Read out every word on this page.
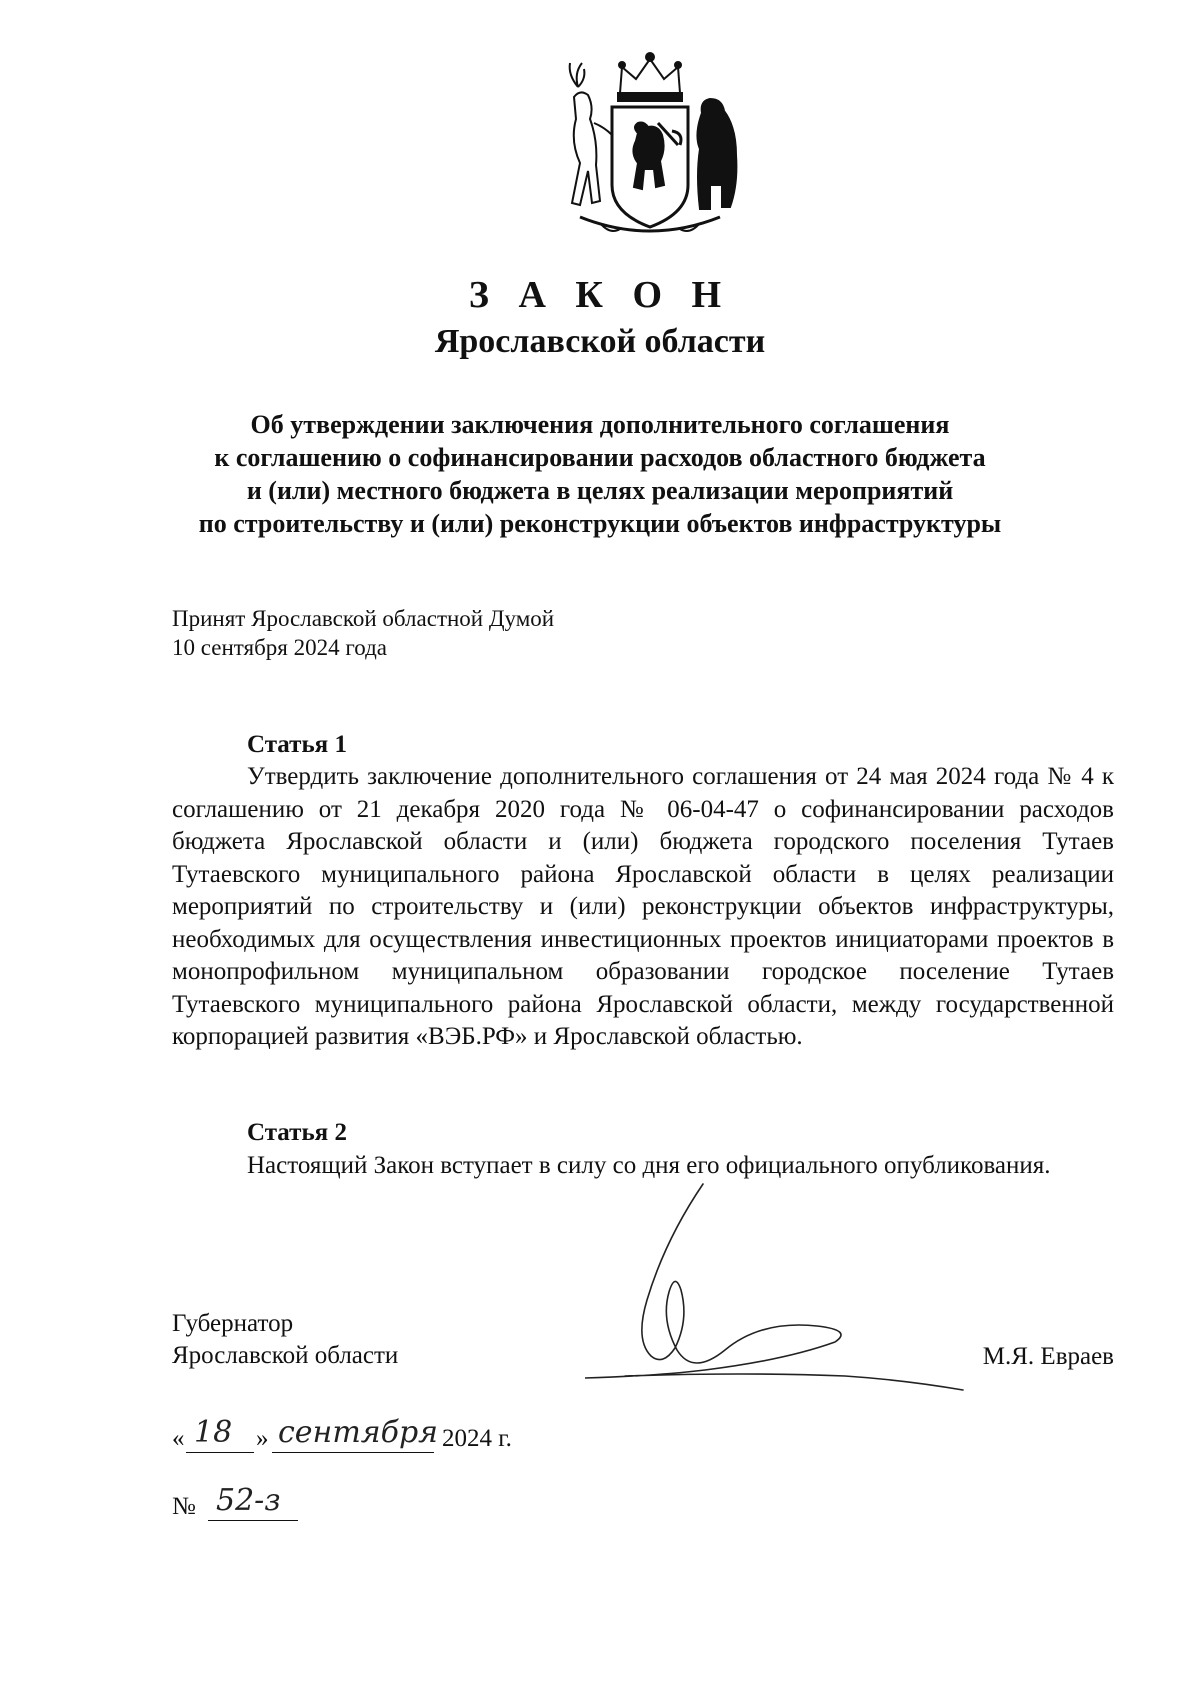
З А К О Н
Ярославской области
Об утверждении заключения дополнительного соглашения
к соглашению о софинансировании расходов областного бюджета
и (или) местного бюджета в целях реализации мероприятий
по строительству и (или) реконструкции объектов инфраструктуры
Принят Ярославской областной Думой
10 сентября 2024 года
Статья 1
Утвердить заключение дополнительного соглашения от 24 мая 2024 года № 4 к соглашению от 21 декабря 2020 года № 06-04-47 о софинансировании расходов бюджета Ярославской области и (или) бюджета городского поселения Тутаев Тутаевского муниципального района Ярославской области в целях реализации мероприятий по строительству и (или) реконструкции объектов инфраструктуры, необходимых для осуществления инвестиционных проектов инициаторами проектов в монопрофильном муниципальном образовании городское поселение Тутаев Тутаевского муниципального района Ярославской области, между государственной корпорацией развития «ВЭБ.РФ» и Ярославской областью.
Статья 2
Настоящий Закон вступает в силу со дня его официального опубликования.
Губернатор
Ярославской области	М.Я. Евраев
« 18 » сентября 2024 г.
№ 52-з
